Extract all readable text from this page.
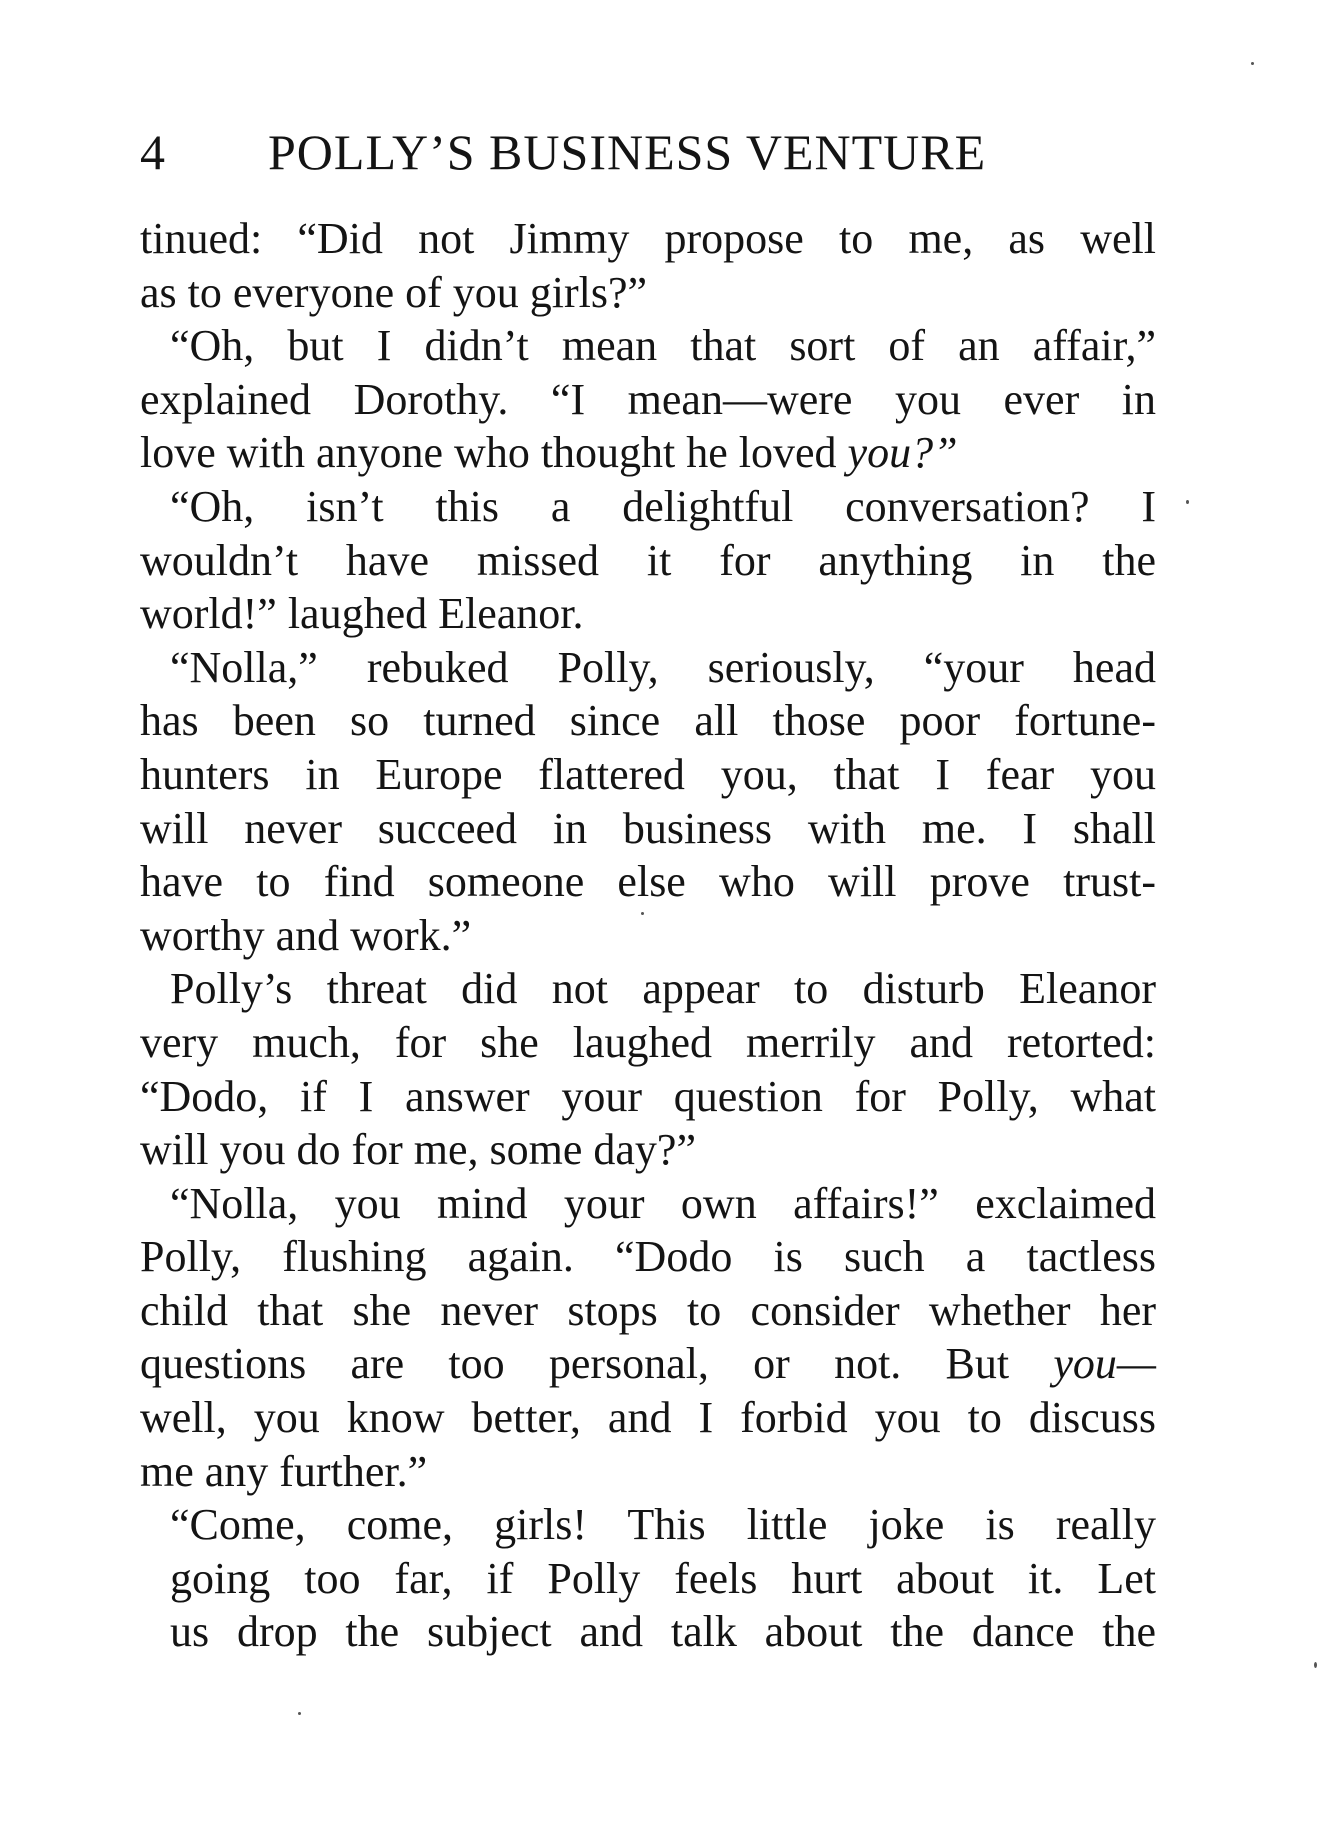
4 POLLY’S BUSINESS VENTURE
tinued: “Did not Jimmy propose to me, as well
as to everyone of you girls?”
“Oh, but I didn’t mean that sort of an affair,”
explained Dorothy. “I mean—were you ever in
love with anyone who thought he loved you?”
“Oh, isn’t this a delightful conversation? I
wouldn’t have missed it for anything in the
world!” laughed Eleanor.
“Nolla,” rebuked Polly, seriously, “your head
has been so turned since all those poor fortune-
hunters in Europe flattered you, that I fear you
will never succeed in business with me. I shall
have to find someone else who will prove trust-
worthy and work.”
Polly’s threat did not appear to disturb Eleanor
very much, for she laughed merrily and retorted:
“Dodo, if I answer your question for Polly, what
will you do for me, some day?”
“Nolla, you mind your own affairs!” exclaimed
Polly, flushing again. “Dodo is such a tactless
child that she never stops to consider whether her
questions are too personal, or not. But you—
well, you know better, and I forbid you to discuss
me any further.”
“Come, come, girls! This little joke is really
going too far, if Polly feels hurt about it. Let
us drop the subject and talk about the dance the
